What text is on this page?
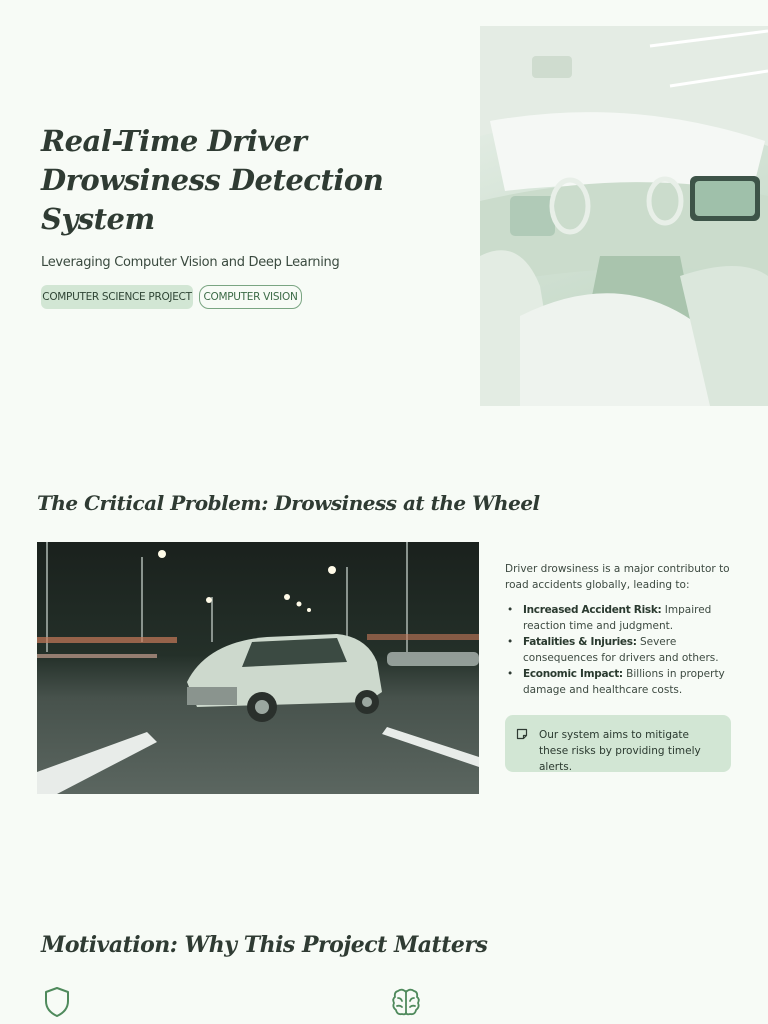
Real-Time Driver
Drowsiness Detection System
Leveraging Computer Vision and Deep Learning
COMPUTER SCIENCE PROJECT	COMPUTER VISION
The Critical Problem: Drowsiness at the Wheel

Driver drowsiness is a major contributor to road accidents globally, leading to:

• Increased Accident Risk: Impaired reaction time and judgment.
• Fatalities & Injuries: Severe consequences for drivers and others.
• Economic Impact: Billions in property damage and healthcare costs.
Our system aims to mitigate these risks by providing timely alerts.
Motivation: Why This Project Matters
